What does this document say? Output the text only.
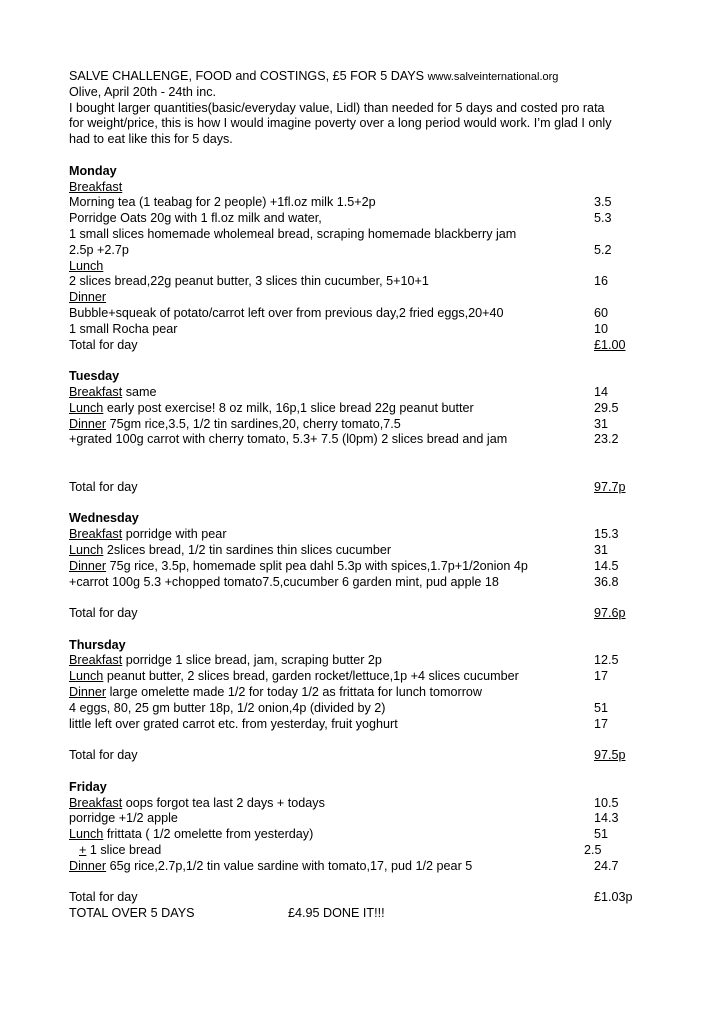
SALVE CHALLENGE, FOOD and COSTINGS, £5 FOR 5 DAYS www.salveinternational.org
Olive, April 20th - 24th inc.
I bought larger quantities(basic/everyday value, Lidl) than needed for 5 days and costed pro rata
for weight/price, this is how I would imagine poverty over a long period would work. I’m glad I only
had to eat like this for 5 days.
Monday
Breakfast
Morning tea (1 teabag for 2 people) +1fl.oz milk 1.5+2p	3.5
Porridge Oats 20g with 1 fl.oz milk and water,	5.3
1 small slices homemade wholemeal bread, scraping homemade blackberry jam
2.5p +2.7p	5.2
Lunch
2 slices bread,22g peanut butter, 3 slices thin cucumber, 5+10+1	16
Dinner
Bubble+squeak of potato/carrot left over from previous day,2 fried eggs,20+40	60
1 small Rocha pear	10
Total for day	£1.00
Tuesday
Breakfast same	14
Lunch early post exercise! 8 oz milk, 16p,1 slice bread 22g peanut butter	29.5
Dinner 75gm rice,3.5, 1/2 tin sardines,20, cherry tomato,7.5	31
+grated 100g carrot with cherry tomato, 5.3+ 7.5 (l0pm) 2 slices bread and jam	23.2
Total for day	97.7p
Wednesday
Breakfast porridge with pear	15.3
Lunch 2slices bread, 1/2 tin sardines thin slices cucumber	31
Dinner 75g rice, 3.5p, homemade split pea dahl 5.3p with spices,1.7p+1/2onion 4p	14.5
+carrot 100g 5.3 +chopped tomato7.5,cucumber 6 garden mint, pud apple 18	36.8
Total for day	97.6p
Thursday
Breakfast porridge 1 slice bread, jam, scraping butter 2p	12.5
Lunch peanut butter, 2 slices bread, garden rocket/lettuce,1p +4 slices cucumber	17
Dinner large omelette made 1/2 for today 1/2 as frittata for lunch tomorrow
4 eggs, 80, 25 gm butter 18p, 1/2 onion,4p (divided by 2)	51
little left over grated carrot etc. from yesterday, fruit yoghurt	17
Total for day	97.5p
Friday
Breakfast oops forgot tea last 2 days + todays	10.5
porridge +1/2 apple	14.3
Lunch frittata ( 1/2 omelette from yesterday)	51
+ 1 slice bread	2.5
Dinner 65g rice,2.7p,1/2 tin value sardine with tomato,17, pud 1/2 pear 5	24.7
Total for day	£1.03p
TOTAL OVER 5 DAYS	£4.95 DONE IT!!!
